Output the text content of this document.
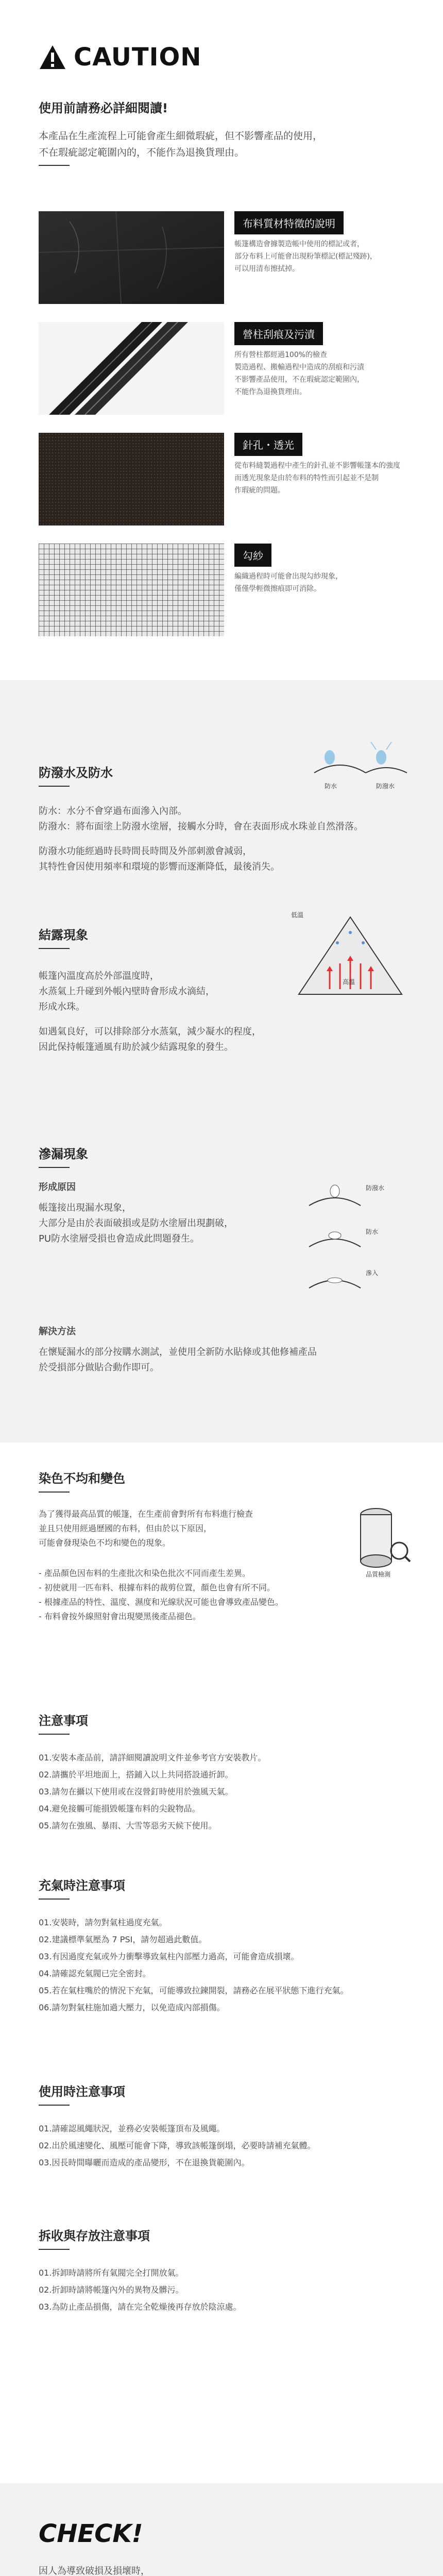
CAUTION
使用前請務必詳細閱讀!
本產品在生產流程上可能會產生細微瑕疵，但不影響產品的使用，
不在瑕疵認定範圍內的，不能作為退換貨理由。
布料質材特徵的說明
帳篷構造會據製造帳中使用的標記或者，
部分布料上可能會出現粉筆標記(標記殘跡)，
可以用清布擦拭掉。
營柱刮痕及污漬
所有營柱都經過100%的檢查
製造過程、搬輸過程中造成的刮痕和污漬
不影響產品使用，不在瑕疵認定範圍內，
不能作為退換貨理由。
針孔・透光
從布料縫製過程中產生的針孔並不影響帳篷本的強度
而透光現象是由於布料的特性而引起並不是制
作瑕疵的問題。
勾紗
編織過程時可能會出現勾紗現象，
僅僅學輕微擦痕即可消除。
防潑水及防水
防水	防潑水
防水：水分不會穿過布面滲入內部。
防潑水：將布面塗上防潑水塗層，接觸水分時，會在表面形成水珠並自然滑落。
防潑水功能經過時長時間長時間及外部刺激會減弱，
其特性會因使用頻率和環境的影響而逐漸降低，最後消失。
結露現象
低溫
高溫
帳篷內溫度高於外部溫度時，
水蒸氣上升碰到外帳內壁時會形成水滴結，
形成水珠。
如遇氣良好，可以排除部分水蒸氣，減少凝水的程度，
因此保持帳篷通風有助於減少結露現象的發生。
滲漏現象
形成原因
帳篷接出現漏水現象，
大部分是由於表面破損或是防水塗層出現劃破，
PU防水塗層受損也會造成此問題發生。
防潑水
防水
滲入
解決方法
在懷疑漏水的部分按購水測試，並使用全新防水貼條或其他修補產品
於受損部分做貼合動作即可。
染色不均和變色
品質檢測
為了獲得最高品質的帳篷，在生產前會對所有布料進行檢查
並且只使用經過歷國的布料，但由於以下原因，
可能會發現染色不均和變色的現象。
- 產品顏色因布料的生產批次和染色批次不同而產生差異。
- 初使就用一匹布料、根據布料的裁剪位置，顏色也會有所不同。
- 根據產品的特性、溫度、濕度和光線狀況可能也會導致產品變色。
- 布料會按外線照射會出現變黑後產品褪色。
注意事項
01.安裝本產品前，請詳細閱讀說明文件並參考官方安裝教片。
02.請攜於平坦地面上，搭鋪入以上共同搭設通折卸。
03.請勿在攝以下使用或在沒營釘時使用於強風天氣。
04.避免接觸可能損毀帳篷布料的尖銳物品。
05.請勿在強風、暴雨、大雪等惡劣天候下使用。
充氣時注意事項
01.安裝時，請勿對氣柱過度充氣。
02.建議標準氣壓為 7 PSI，請勿超過此數值。
03.有因過度充氣或外力衝擊導致氣柱內部壓力過高，可能會造成損壞。
04.請確認充氣閥已完全密封。
05.若在氣柱嘴於的情況下充氣，可能導致拉鍊開裂，請務必在展平狀態下進行充氣。
06.請勿對氣柱施加過大壓力，以免造成內部損傷。
使用時注意事項
01.請確認風繩狀況，並務必安裝帳篷頂布及風繩。
02.出於風速變化、風壓可能會下降，導致該帳篷倒塌，必要時請補充氣體。
03.因長時間曝曬而造成的產品變形，不在退換貨範圍內。
拆收與存放注意事項
01.拆卸時請將所有氣閥完全打開放氣。
02.折卸時請將帳篷內外的異物及髒污。
03.為防止產品損傷，請在完全乾燥後再存放於陰涼處。
CHECK!
因人為導致破損及損壞時，
